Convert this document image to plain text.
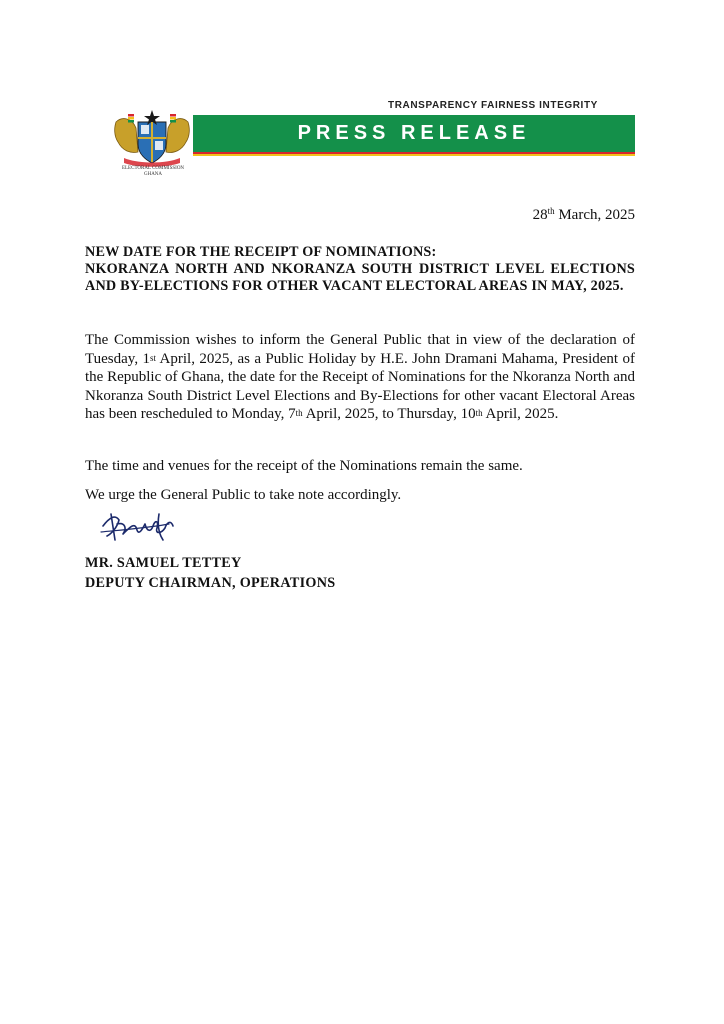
ELECTORAL COMMISSION
GHANA
TRANSPARENCY FAIRNESS INTEGRITY
PRESS RELEASE
28th March, 2025
NEW DATE FOR THE RECEIPT OF NOMINATIONS:
NKORANZA NORTH AND NKORANZA SOUTH DISTRICT LEVEL ELECTIONS AND BY-ELECTIONS FOR OTHER VACANT ELECTORAL AREAS IN MAY, 2025.

The Commission wishes to inform the General Public that in view of the declaration of Tuesday, 1st April, 2025, as a Public Holiday by H.E. John Dramani Mahama, President of the Republic of Ghana, the date for the Receipt of Nominations for the Nkoranza North and Nkoranza South District Level Elections and By-Elections for other vacant Electoral Areas has been rescheduled to Monday, 7th April, 2025, to Thursday, 10th April, 2025.

The time and venues for the receipt of the Nominations remain the same.

We urge the General Public to take note accordingly.

MR. SAMUEL TETTEY
DEPUTY CHAIRMAN, OPERATIONS
